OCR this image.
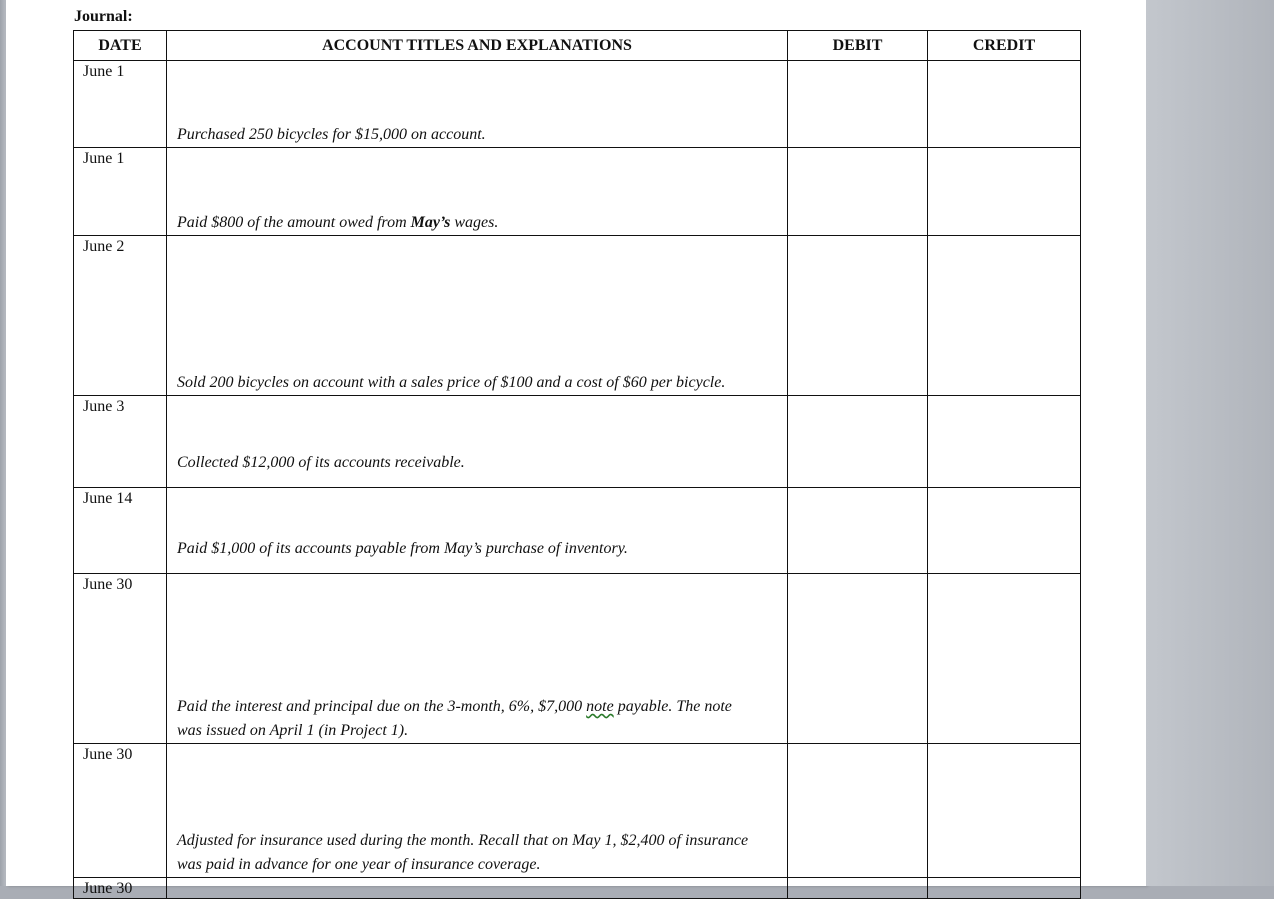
Journal:
DATE	ACCOUNT TITLES AND EXPLANATIONS	DEBIT	CREDIT
June 1	Purchased 250 bicycles for $15,000 on account.		
June 1	Paid $800 of the amount owed from May’s wages.		
June 2	Sold 200 bicycles on account with a sales price of $100 and a cost of $60 per bicycle.		
June 3	Collected $12,000 of its accounts receivable.		
June 14	Paid $1,000 of its accounts payable from May’s purchase of inventory.		
June 30	Paid the interest and principal due on the 3-month, 6%, $7,000 note payable. The note was issued on April 1 (in Project 1).		
June 30	Adjusted for insurance used during the month. Recall that on May 1, $2,400 of insurance was paid in advance for one year of insurance coverage.		
June 30			
